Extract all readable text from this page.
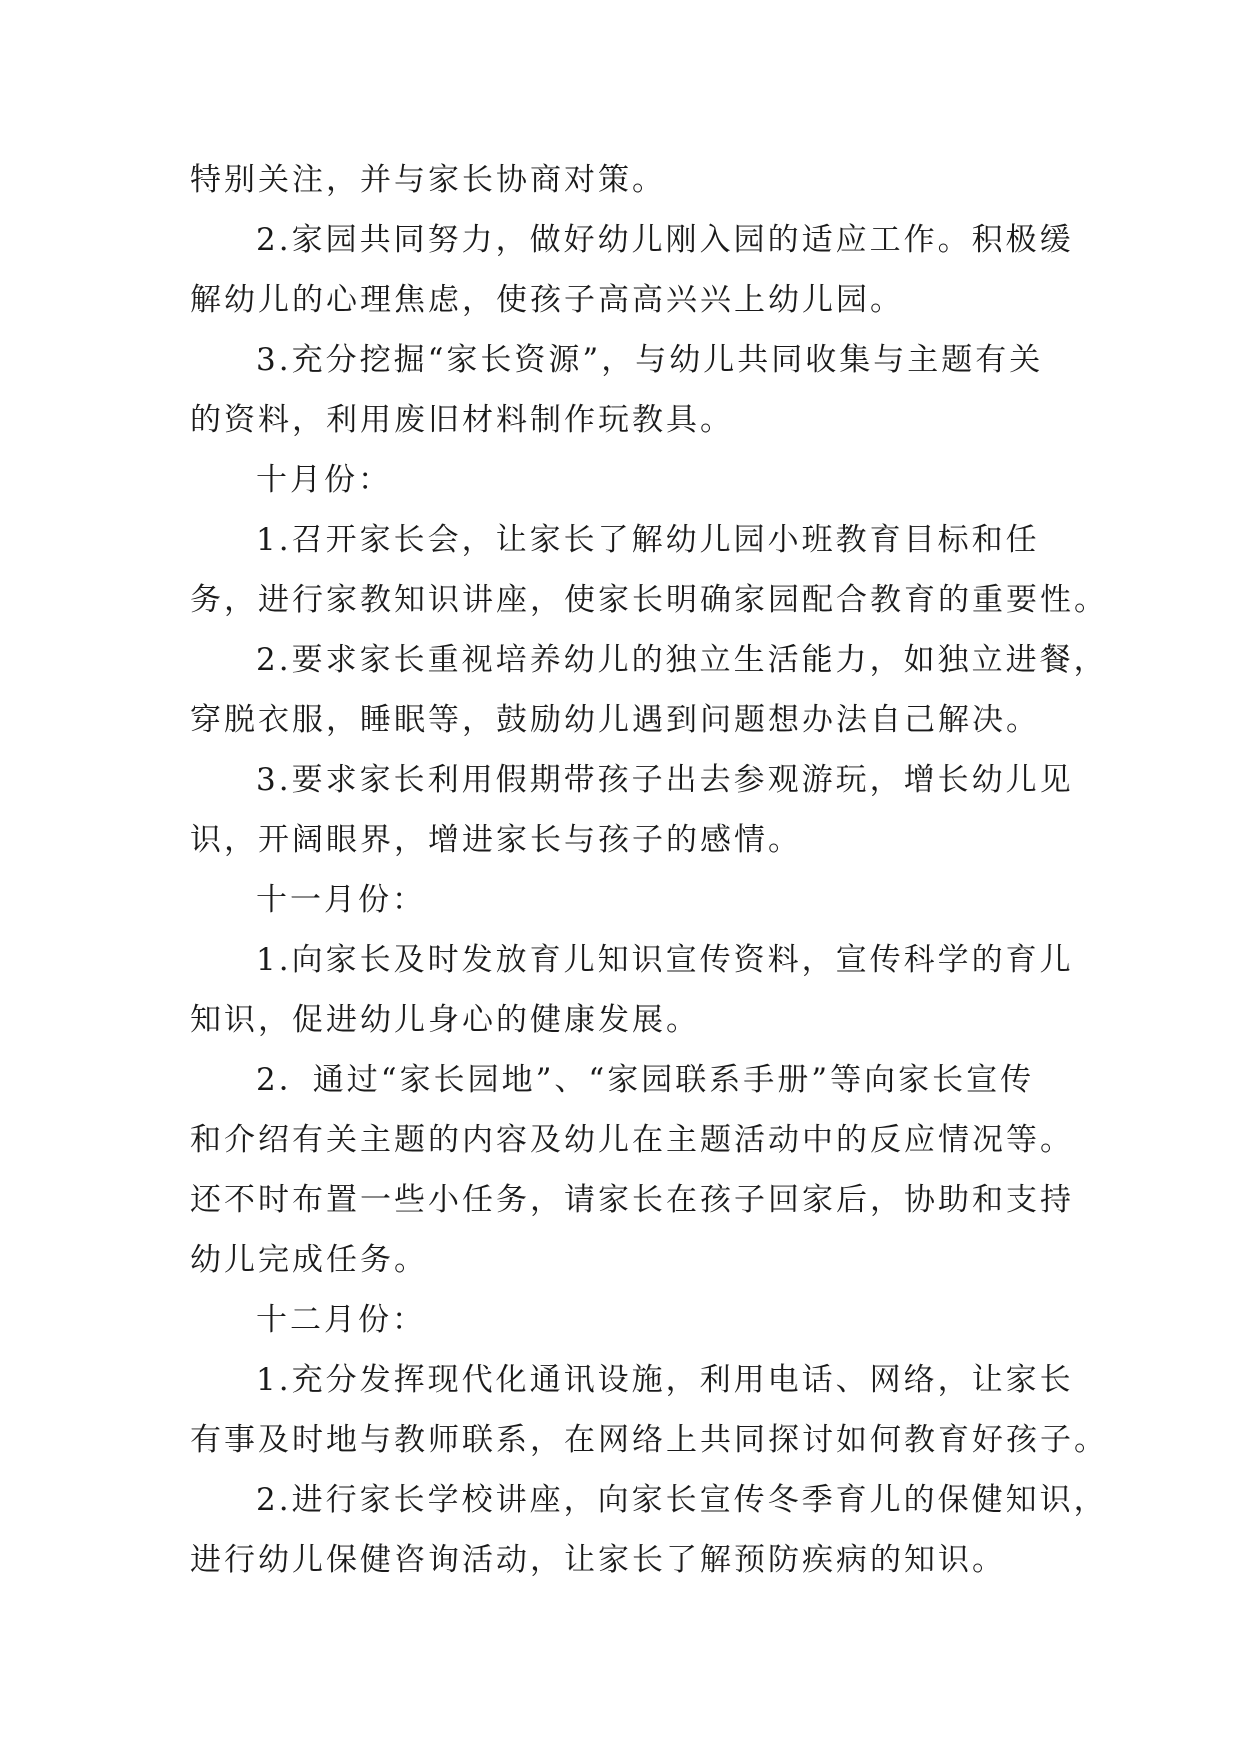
特别关注，并与家长协商对策。
2.家园共同努力，做好幼儿刚入园的适应工作。积极缓
解幼儿的心理焦虑，使孩子高高兴兴上幼儿园。
3.充分挖掘“家长资源”，与幼儿共同收集与主题有关
的资料，利用废旧材料制作玩教具。
十月份：
1.召开家长会，让家长了解幼儿园小班教育目标和任
务，进行家教知识讲座，使家长明确家园配合教育的重要性。
2.要求家长重视培养幼儿的独立生活能力，如独立进餐，
穿脱衣服，睡眠等，鼓励幼儿遇到问题想办法自己解决。
3.要求家长利用假期带孩子出去参观游玩，增长幼儿见
识，开阔眼界，增进家长与孩子的感情。
十一月份：
1.向家长及时发放育儿知识宣传资料，宣传科学的育儿
知识，促进幼儿身心的健康发展。
2．通过“家长园地”、“家园联系手册”等向家长宣传
和介绍有关主题的内容及幼儿在主题活动中的反应情况等。
还不时布置一些小任务，请家长在孩子回家后，协助和支持
幼儿完成任务。
十二月份：
1.充分发挥现代化通讯设施，利用电话、网络，让家长
有事及时地与教师联系，在网络上共同探讨如何教育好孩子。
2.进行家长学校讲座，向家长宣传冬季育儿的保健知识，
进行幼儿保健咨询活动，让家长了解预防疾病的知识。
